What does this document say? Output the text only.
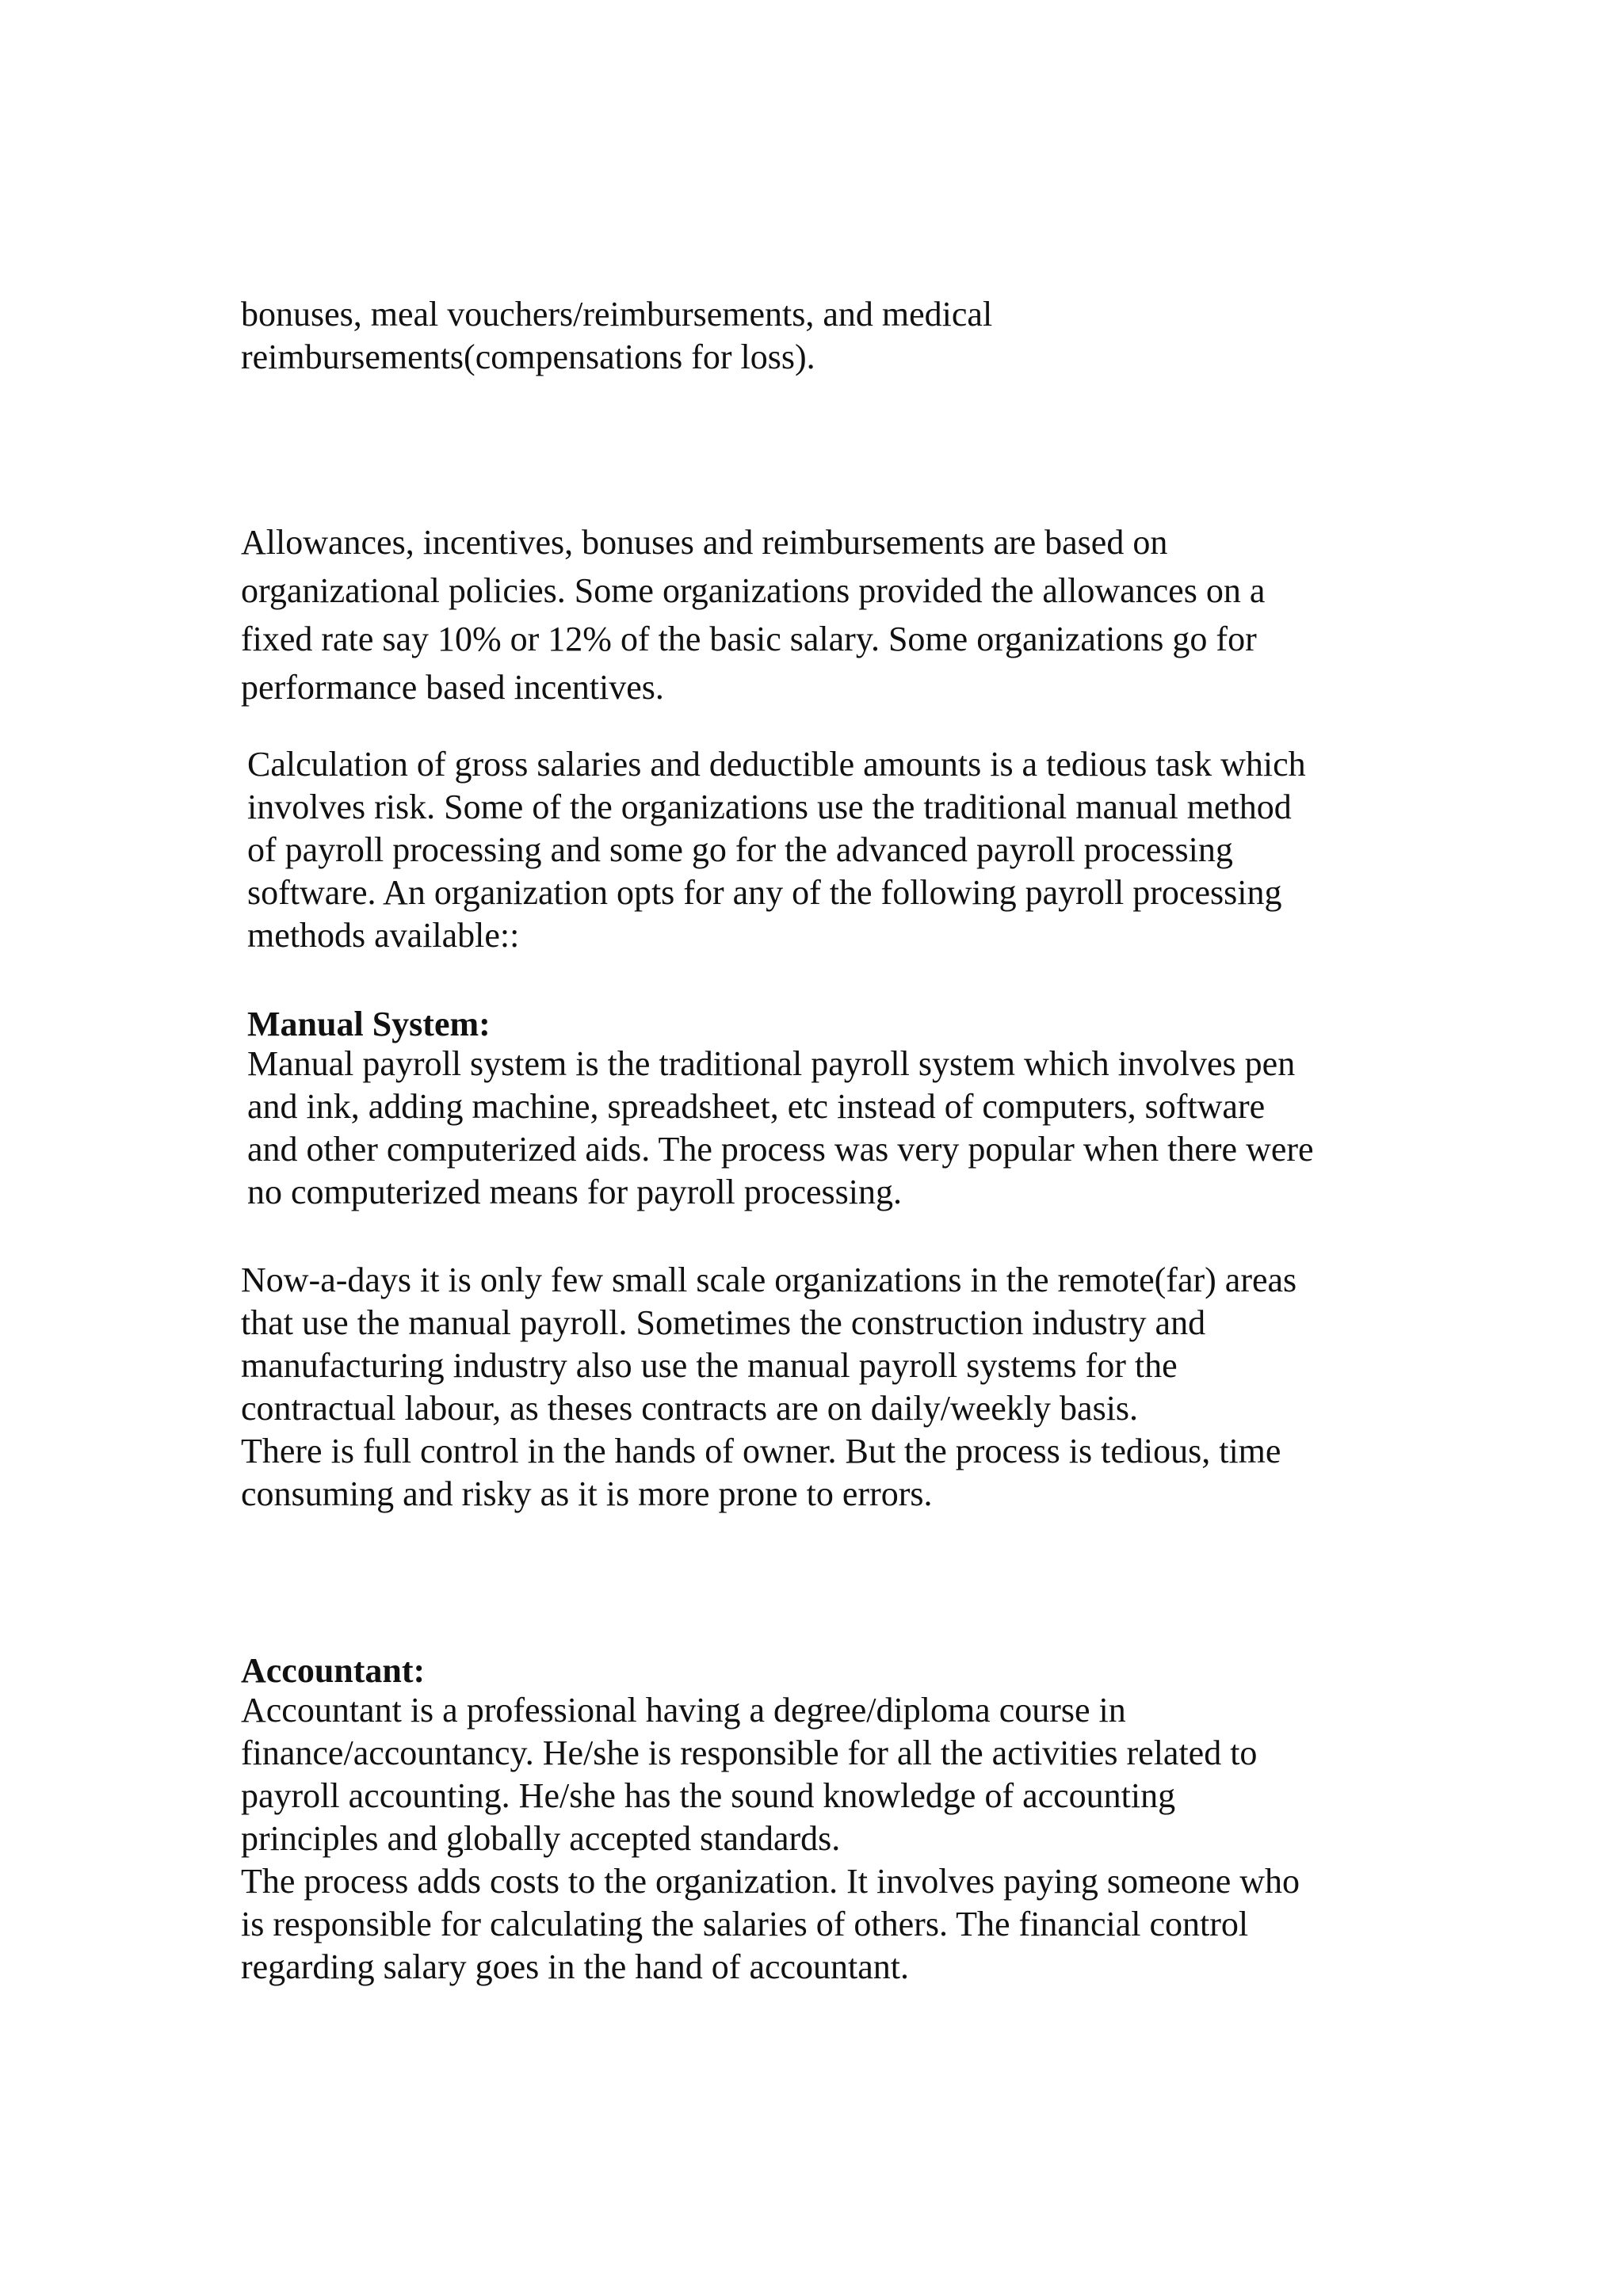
bonuses, meal vouchers/reimbursements, and medical
reimbursements(compensations for loss).

Allowances, incentives, bonuses and reimbursements are based on
organizational policies. Some organizations provided the allowances on a
fixed rate say 10% or 12% of the basic salary. Some organizations go for
performance based incentives.

Calculation of gross salaries and deductible amounts is a tedious task which
involves risk. Some of the organizations use the traditional manual method
of payroll processing and some go for the advanced payroll processing
software. An organization opts for any of the following payroll processing
methods available::

Manual System:

Manual payroll system is the traditional payroll system which involves pen
and ink, adding machine, spreadsheet, etc instead of computers, software
and other computerized aids. The process was very popular when there were
no computerized means for payroll processing.

Now-a-days it is only few small scale organizations in the remote(far) areas
that use the manual payroll. Sometimes the construction industry and
manufacturing industry also use the manual payroll systems for the
contractual labour, as theses contracts are on daily/weekly basis.
There is full control in the hands of owner. But the process is tedious, time
consuming and risky as it is more prone to errors.

Accountant:

Accountant is a professional having a degree/diploma course in
finance/accountancy. He/she is responsible for all the activities related to
payroll accounting. He/she has the sound knowledge of accounting
principles and globally accepted standards.
The process adds costs to the organization. It involves paying someone who
is responsible for calculating the salaries of others. The financial control
regarding salary goes in the hand of accountant.
